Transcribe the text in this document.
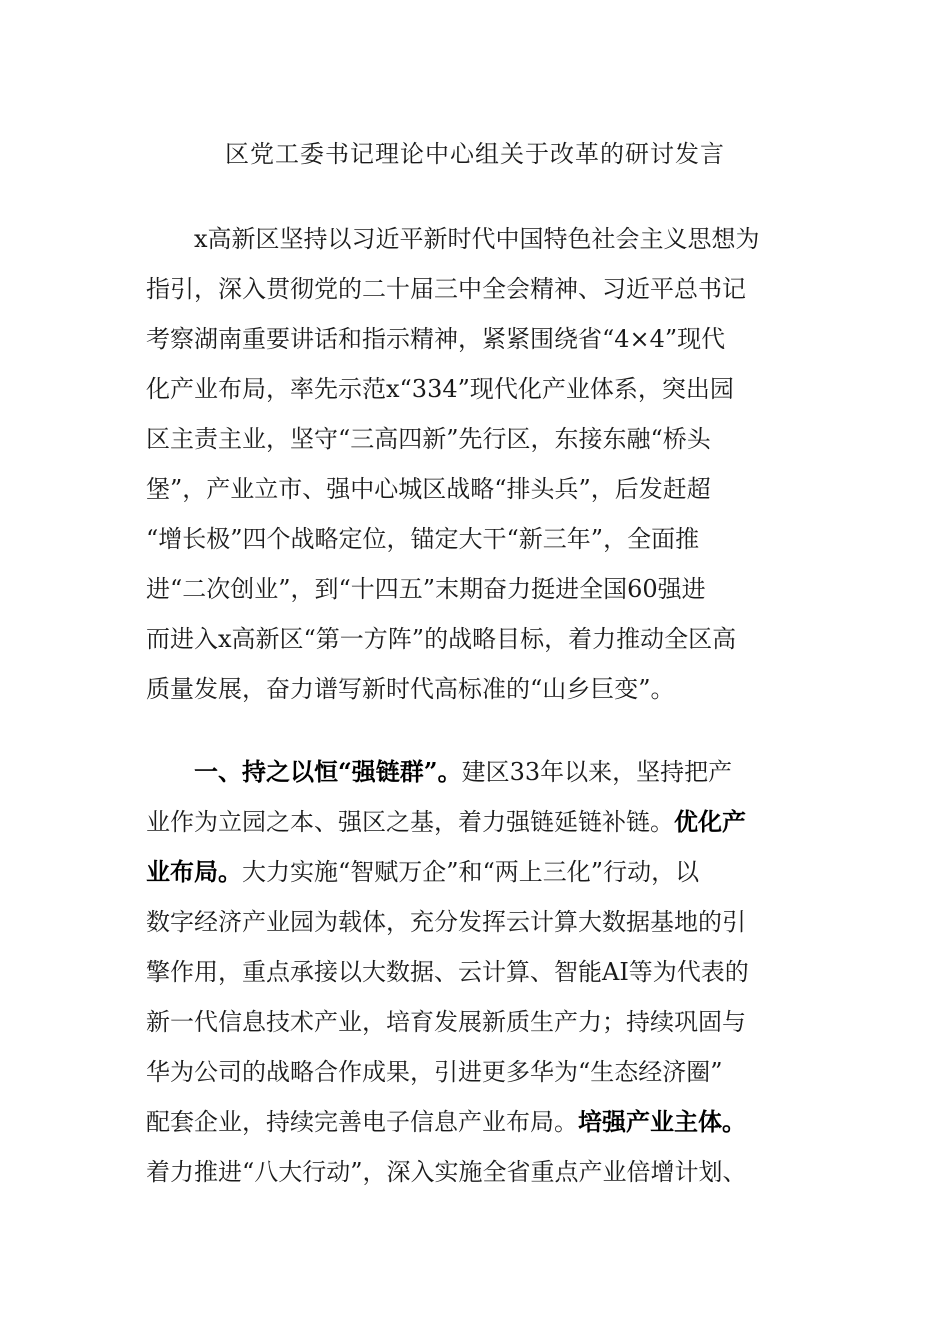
区党工委书记理论中心组关于改革的研讨发言
x高新区坚持以习近平新时代中国特色社会主义思想为
指引，深入贯彻党的二十届三中全会精神、习近平总书记
考察湖南重要讲话和指示精神，紧紧围绕省“4×4”现代
化产业布局，率先示范x“334”现代化产业体系，突出园
区主责主业，坚守“三高四新”先行区，东接东融“桥头
堡”，产业立市、强中心城区战略“排头兵”，后发赶超
“增长极”四个战略定位，锚定大干“新三年”，全面推
进“二次创业”，到“十四五”末期奋力挺进全国60强进
而进入x高新区“第一方阵”的战略目标，着力推动全区高
质量发展，奋力谱写新时代高标准的“山乡巨变”。
一、持之以恒“强链群”。建区33年以来，坚持把产
业作为立园之本、强区之基，着力强链延链补链。优化产
业布局。大力实施“智赋万企”和“两上三化”行动，以
数字经济产业园为载体，充分发挥云计算大数据基地的引
擎作用，重点承接以大数据、云计算、智能AI等为代表的
新一代信息技术产业，培育发展新质生产力；持续巩固与
华为公司的战略合作成果，引进更多华为“生态经济圈”
配套企业，持续完善电子信息产业布局。培强产业主体。
着力推进“八大行动”，深入实施全省重点产业倍增计划、
